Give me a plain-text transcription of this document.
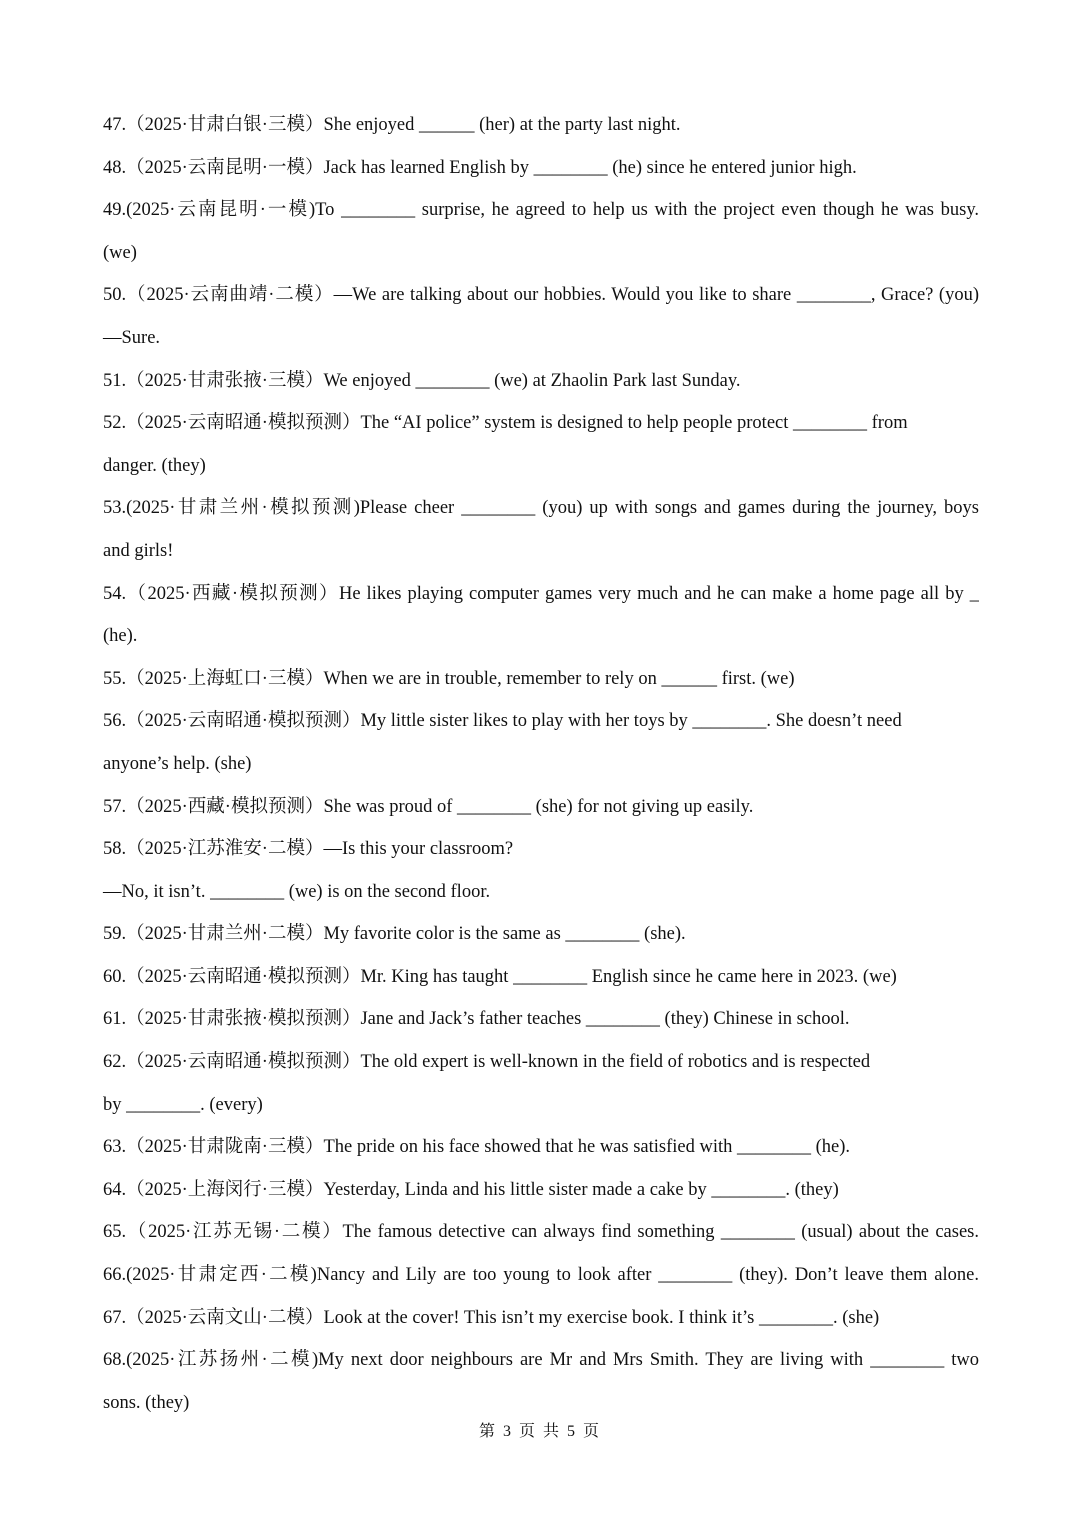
47.（2025·甘肃白银·三模）She enjoyed ______ (her) at the party last night.
48.（2025·云南昆明·一模）Jack has learned English by ________ (he) since he entered junior high.
49.(2025·云南昆明·一模)To ________ surprise, he agreed to help us with the project even though he was busy.
(we)
50.（2025·云南曲靖·二模）—We are talking about our hobbies. Would you like to share ________, Grace? (you)
—Sure.
51.（2025·甘肃张掖·三模）We enjoyed ________ (we) at Zhaolin Park last Sunday.
52.（2025·云南昭通·模拟预测）The “AI police” system is designed to help people protect ________ from
danger. (they)
53.(2025·甘肃兰州·模拟预测)Please cheer ________ (you) up with songs and games during the journey, boys
and girls!
54.（2025·西藏·模拟预测）He likes playing computer games very much and he can make a home page all by _
(he).
55.（2025·上海虹口·三模）When we are in trouble, remember to rely on ______ first. (we)
56.（2025·云南昭通·模拟预测）My little sister likes to play with her toys by ________. She doesn’t need
anyone’s help. (she)
57.（2025·西藏·模拟预测）She was proud of ________ (she) for not giving up easily.
58.（2025·江苏淮安·二模）—Is this your classroom?
—No, it isn’t. ________ (we) is on the second floor.
59.（2025·甘肃兰州·二模）My favorite color is the same as ________ (she).
60.（2025·云南昭通·模拟预测）Mr. King has taught ________ English since he came here in 2023. (we)
61.（2025·甘肃张掖·模拟预测）Jane and Jack’s father teaches ________ (they) Chinese in school.
62.（2025·云南昭通·模拟预测）The old expert is well-known in the field of robotics and is respected
by ________. (every)
63.（2025·甘肃陇南·三模）The pride on his face showed that he was satisfied with ________ (he).
64.（2025·上海闵行·三模）Yesterday, Linda and his little sister made a cake by ________. (they)
65.（2025·江苏无锡·二模）The famous detective can always find something ________ (usual) about the cases.
66.(2025·甘肃定西·二模)Nancy and Lily are too young to look after ________ (they). Don’t leave them alone.
67.（2025·云南文山·二模）Look at the cover! This isn’t my exercise book. I think it’s ________. (she)
68.(2025·江苏扬州·二模)My next door neighbours are Mr and Mrs Smith. They are living with ________ two
sons. (they)
第 3 页 共 5 页
